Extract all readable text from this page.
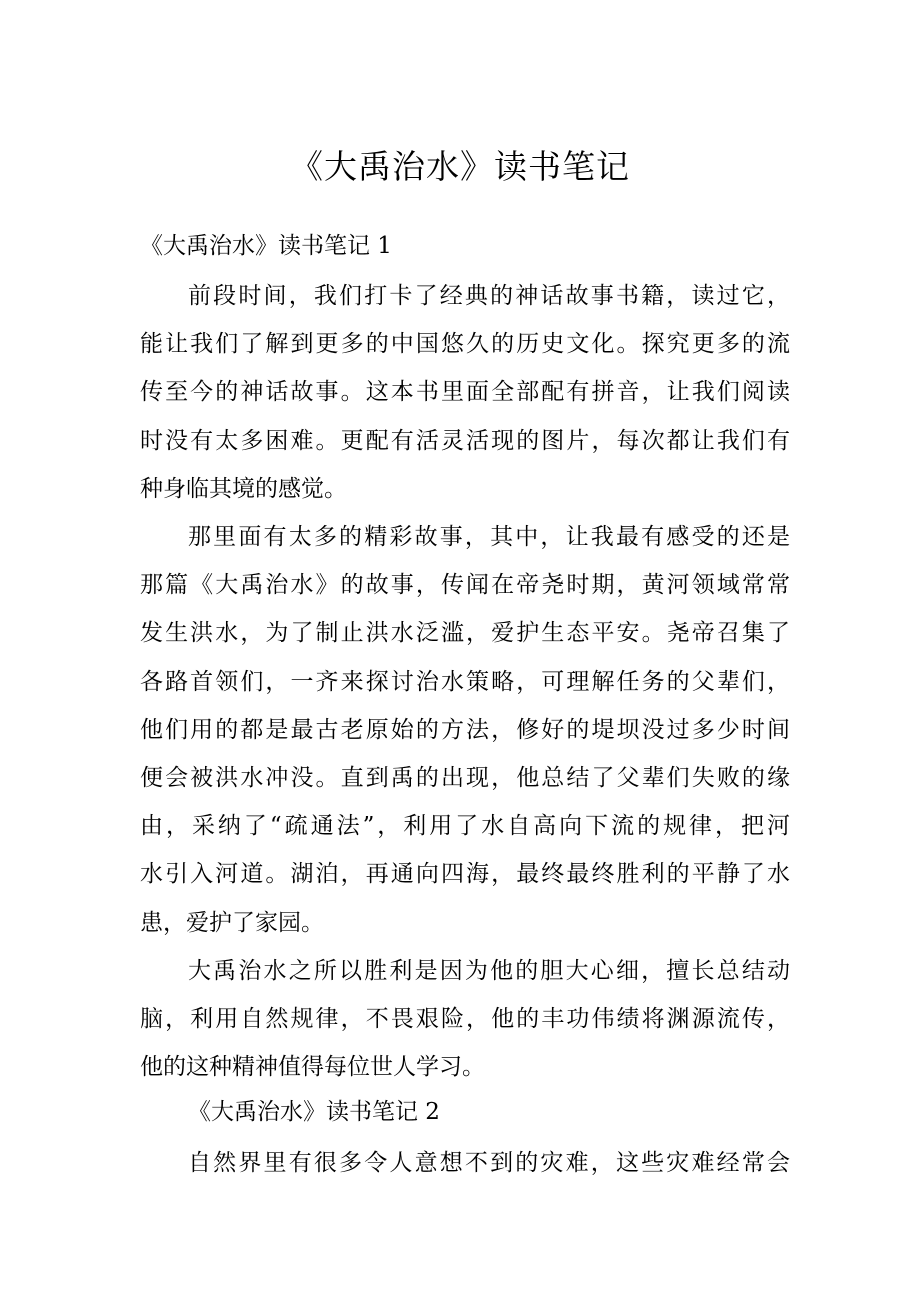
《大禹治水》读书笔记

《大禹治水》读书笔记 1

前段时间，我们打卡了经典的神话故事书籍，读过它，
能让我们了解到更多的中国悠久的历史文化。探究更多的流
传至今的神话故事。这本书里面全部配有拼音，让我们阅读
时没有太多困难。更配有活灵活现的图片，每次都让我们有
种身临其境的感觉。
那里面有太多的精彩故事，其中，让我最有感受的还是
那篇《大禹治水》的故事，传闻在帝尧时期，黄河领域常常
发生洪水，为了制止洪水泛滥，爱护生态平安。尧帝召集了
各路首领们，一齐来探讨治水策略，可理解任务的父辈们，
他们用的都是最古老原始的方法，修好的堤坝没过多少时间
便会被洪水冲没。直到禹的出现，他总结了父辈们失败的缘
由，采纳了“疏通法”，利用了水自高向下流的规律，把河
水引入河道。湖泊，再通向四海，最终最终胜利的平静了水
患，爱护了家园。
大禹治水之所以胜利是因为他的胆大心细，擅长总结动
脑，利用自然规律，不畏艰险，他的丰功伟绩将渊源流传，
他的这种精神值得每位世人学习。

《大禹治水》读书笔记 2

自然界里有很多令人意想不到的灾难，这些灾难经常会
